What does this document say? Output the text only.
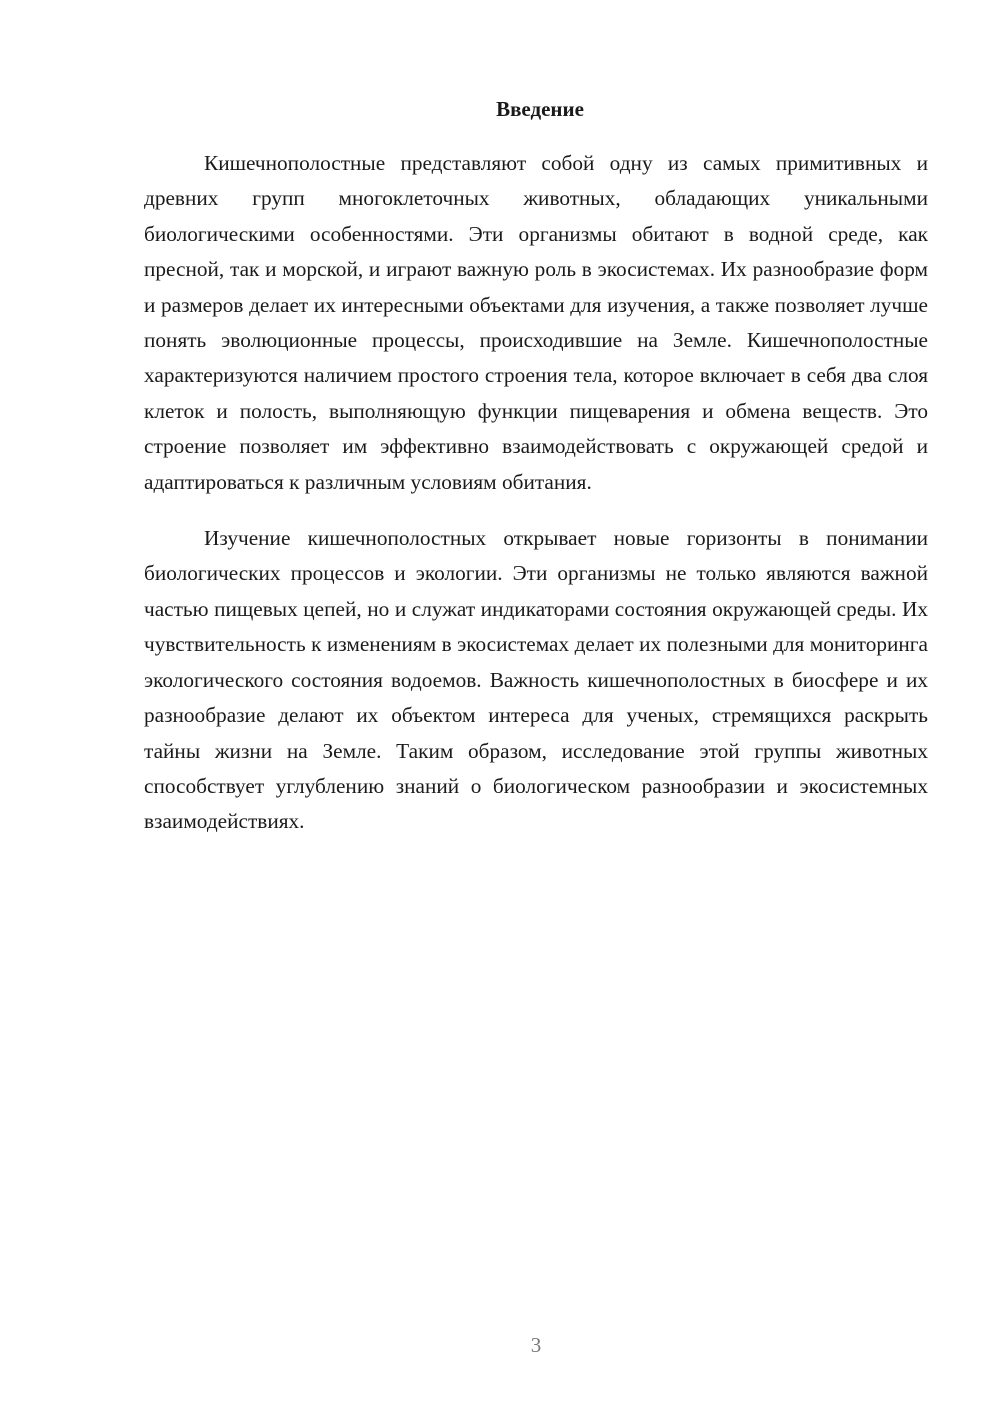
Введение

Кишечнополостные представляют собой одну из самых примитивных и древних групп многоклеточных животных, обладающих уникальными биологическими особенностями. Эти организмы обитают в водной среде, как пресной, так и морской, и играют важную роль в экосистемах. Их разнообразие форм и размеров делает их интересными объектами для изучения, а также позволяет лучше понять эволюционные процессы, происходившие на Земле. Кишечнополостные характеризуются наличием простого строения тела, которое включает в себя два слоя клеток и полость, выполняющую функции пищеварения и обмена веществ. Это строение позволяет им эффективно взаимодействовать с окружающей средой и адаптироваться к различным условиям обитания.

Изучение кишечнополостных открывает новые горизонты в понимании биологических процессов и экологии. Эти организмы не только являются важной частью пищевых цепей, но и служат индикаторами состояния окружающей среды. Их чувствительность к изменениям в экосистемах делает их полезными для мониторинга экологического состояния водоемов. Важность кишечнополостных в биосфере и их разнообразие делают их объектом интереса для ученых, стремящихся раскрыть тайны жизни на Земле. Таким образом, исследование этой группы животных способствует углублению знаний о биологическом разнообразии и экосистемных взаимодействиях.

3
